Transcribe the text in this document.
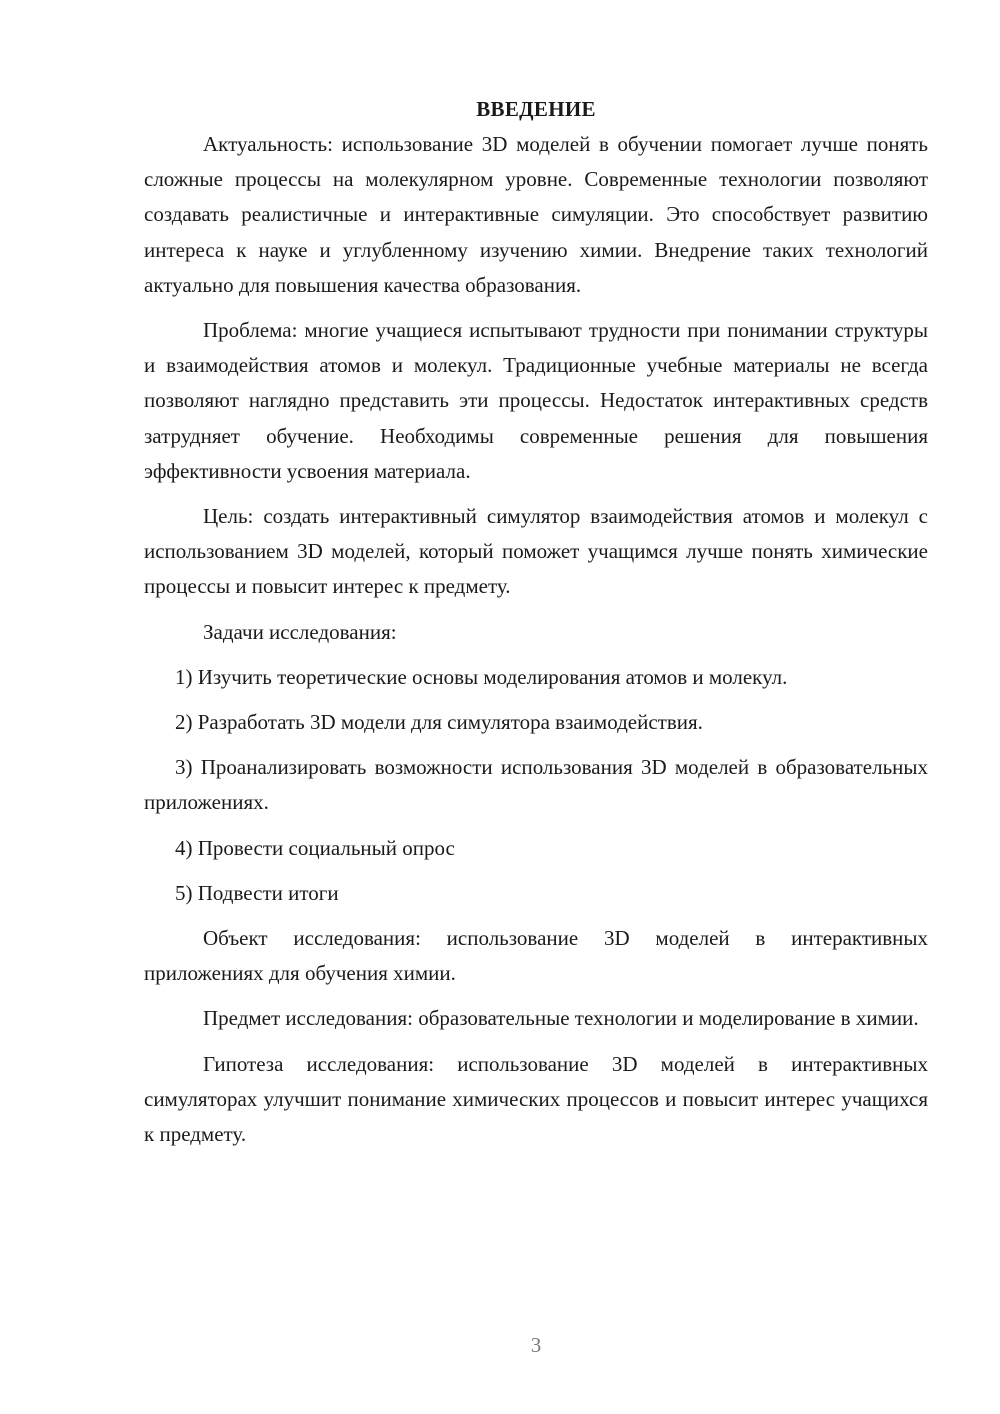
ВВЕДЕНИЕ

Актуальность: использование 3D моделей в обучении помогает лучше понять сложные процессы на молекулярном уровне. Современные технологии позволяют создавать реалистичные и интерактивные симуляции. Это способствует развитию интереса к науке и углубленному изучению химии. Внедрение таких технологий актуально для повышения качества образования.

Проблема: многие учащиеся испытывают трудности при понимании структуры и взаимодействия атомов и молекул. Традиционные учебные материалы не всегда позволяют наглядно представить эти процессы. Недостаток интерактивных средств затрудняет обучение. Необходимы современные решения для повышения эффективности усвоения материала.

Цель: создать интерактивный симулятор взаимодействия атомов и молекул с использованием 3D моделей, который поможет учащимся лучше понять химические процессы и повысит интерес к предмету.

Задачи исследования:

1) Изучить теоретические основы моделирования атомов и молекул.

2) Разработать 3D модели для симулятора взаимодействия.

3) Проанализировать возможности использования 3D моделей в образовательных приложениях.

4) Провести социальный опрос

5) Подвести итоги

Объект исследования: использование 3D моделей в интерактивных приложениях для обучения химии.

Предмет исследования: образовательные технологии и моделирование в химии.

Гипотеза исследования: использование 3D моделей в интерактивных симуляторах улучшит понимание химических процессов и повысит интерес учащихся к предмету.

3
